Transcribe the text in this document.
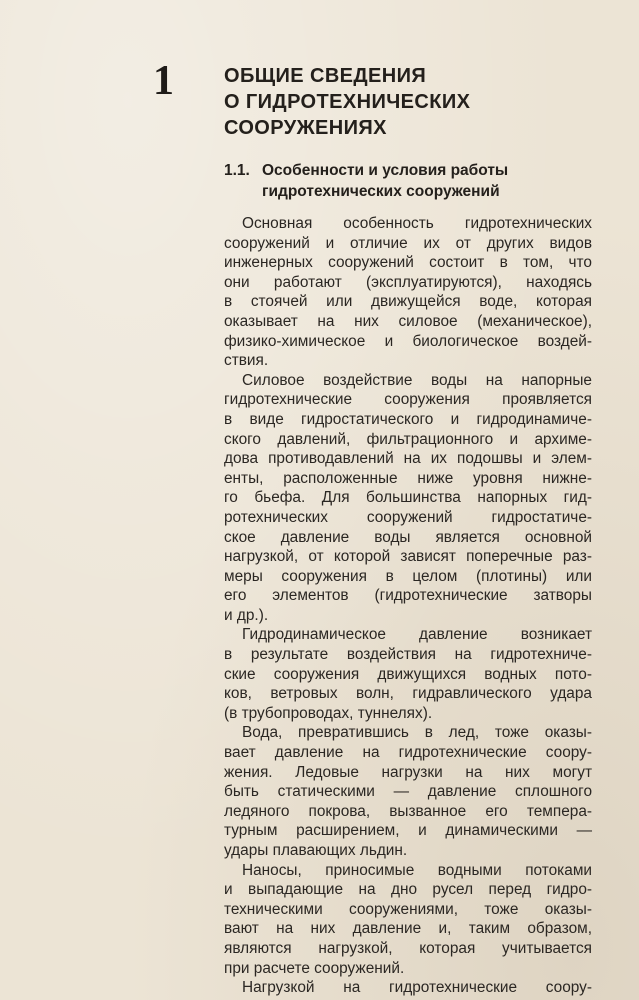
1	ОБЩИЕ СВЕДЕНИЯ
О ГИДРОТЕХНИЧЕСКИХ
СООРУЖЕНИЯХ
1.1. Особенности и условия работы
гидротехнических сооружений

Основная особенность гидротехнических
сооружений и отличие их от других видов
инженерных сооружений состоит в том, что
они работают (эксплуатируются), находясь
в стоячей или движущейся воде, которая
оказывает на них силовое (механическое),
физико-химическое и биологическое воздей-
ствия.

Силовое воздействие воды на напорные
гидротехнические сооружения проявляется
в виде гидростатического и гидродинамиче-
ского давлений, фильтрационного и архиме-
дова противодавлений на их подошвы и элем-
енты, расположенные ниже уровня нижне-
го бьефа. Для большинства напорных гид-
ротехнических сооружений гидростатиче-
ское давление воды является основной
нагрузкой, от которой зависят поперечные раз-
меры сооружения в целом (плотины) или
его элементов (гидротехнические затворы
и др.).

Гидродинамическое давление возникает
в результате воздействия на гидротехниче-
ские сооружения движущихся водных пото-
ков, ветровых волн, гидравлического удара
(в трубопроводах, туннелях).

Вода, превратившись в лед, тоже оказы-
вает давление на гидротехнические соору-
жения. Ледовые нагрузки на них могут
быть статическими — давление сплошного
ледяного покрова, вызванное его темпера-
турным расширением, и динамическими —
удары плавающих льдин.

Наносы, приносимые водными потоками
и выпадающие на дно русел перед гидро-
техническими сооружениями, тоже оказы-
вают на них давление и, таким образом,
являются нагрузкой, которая учитывается
при расчете сооружений.

Нагрузкой на гидротехнические соору-
